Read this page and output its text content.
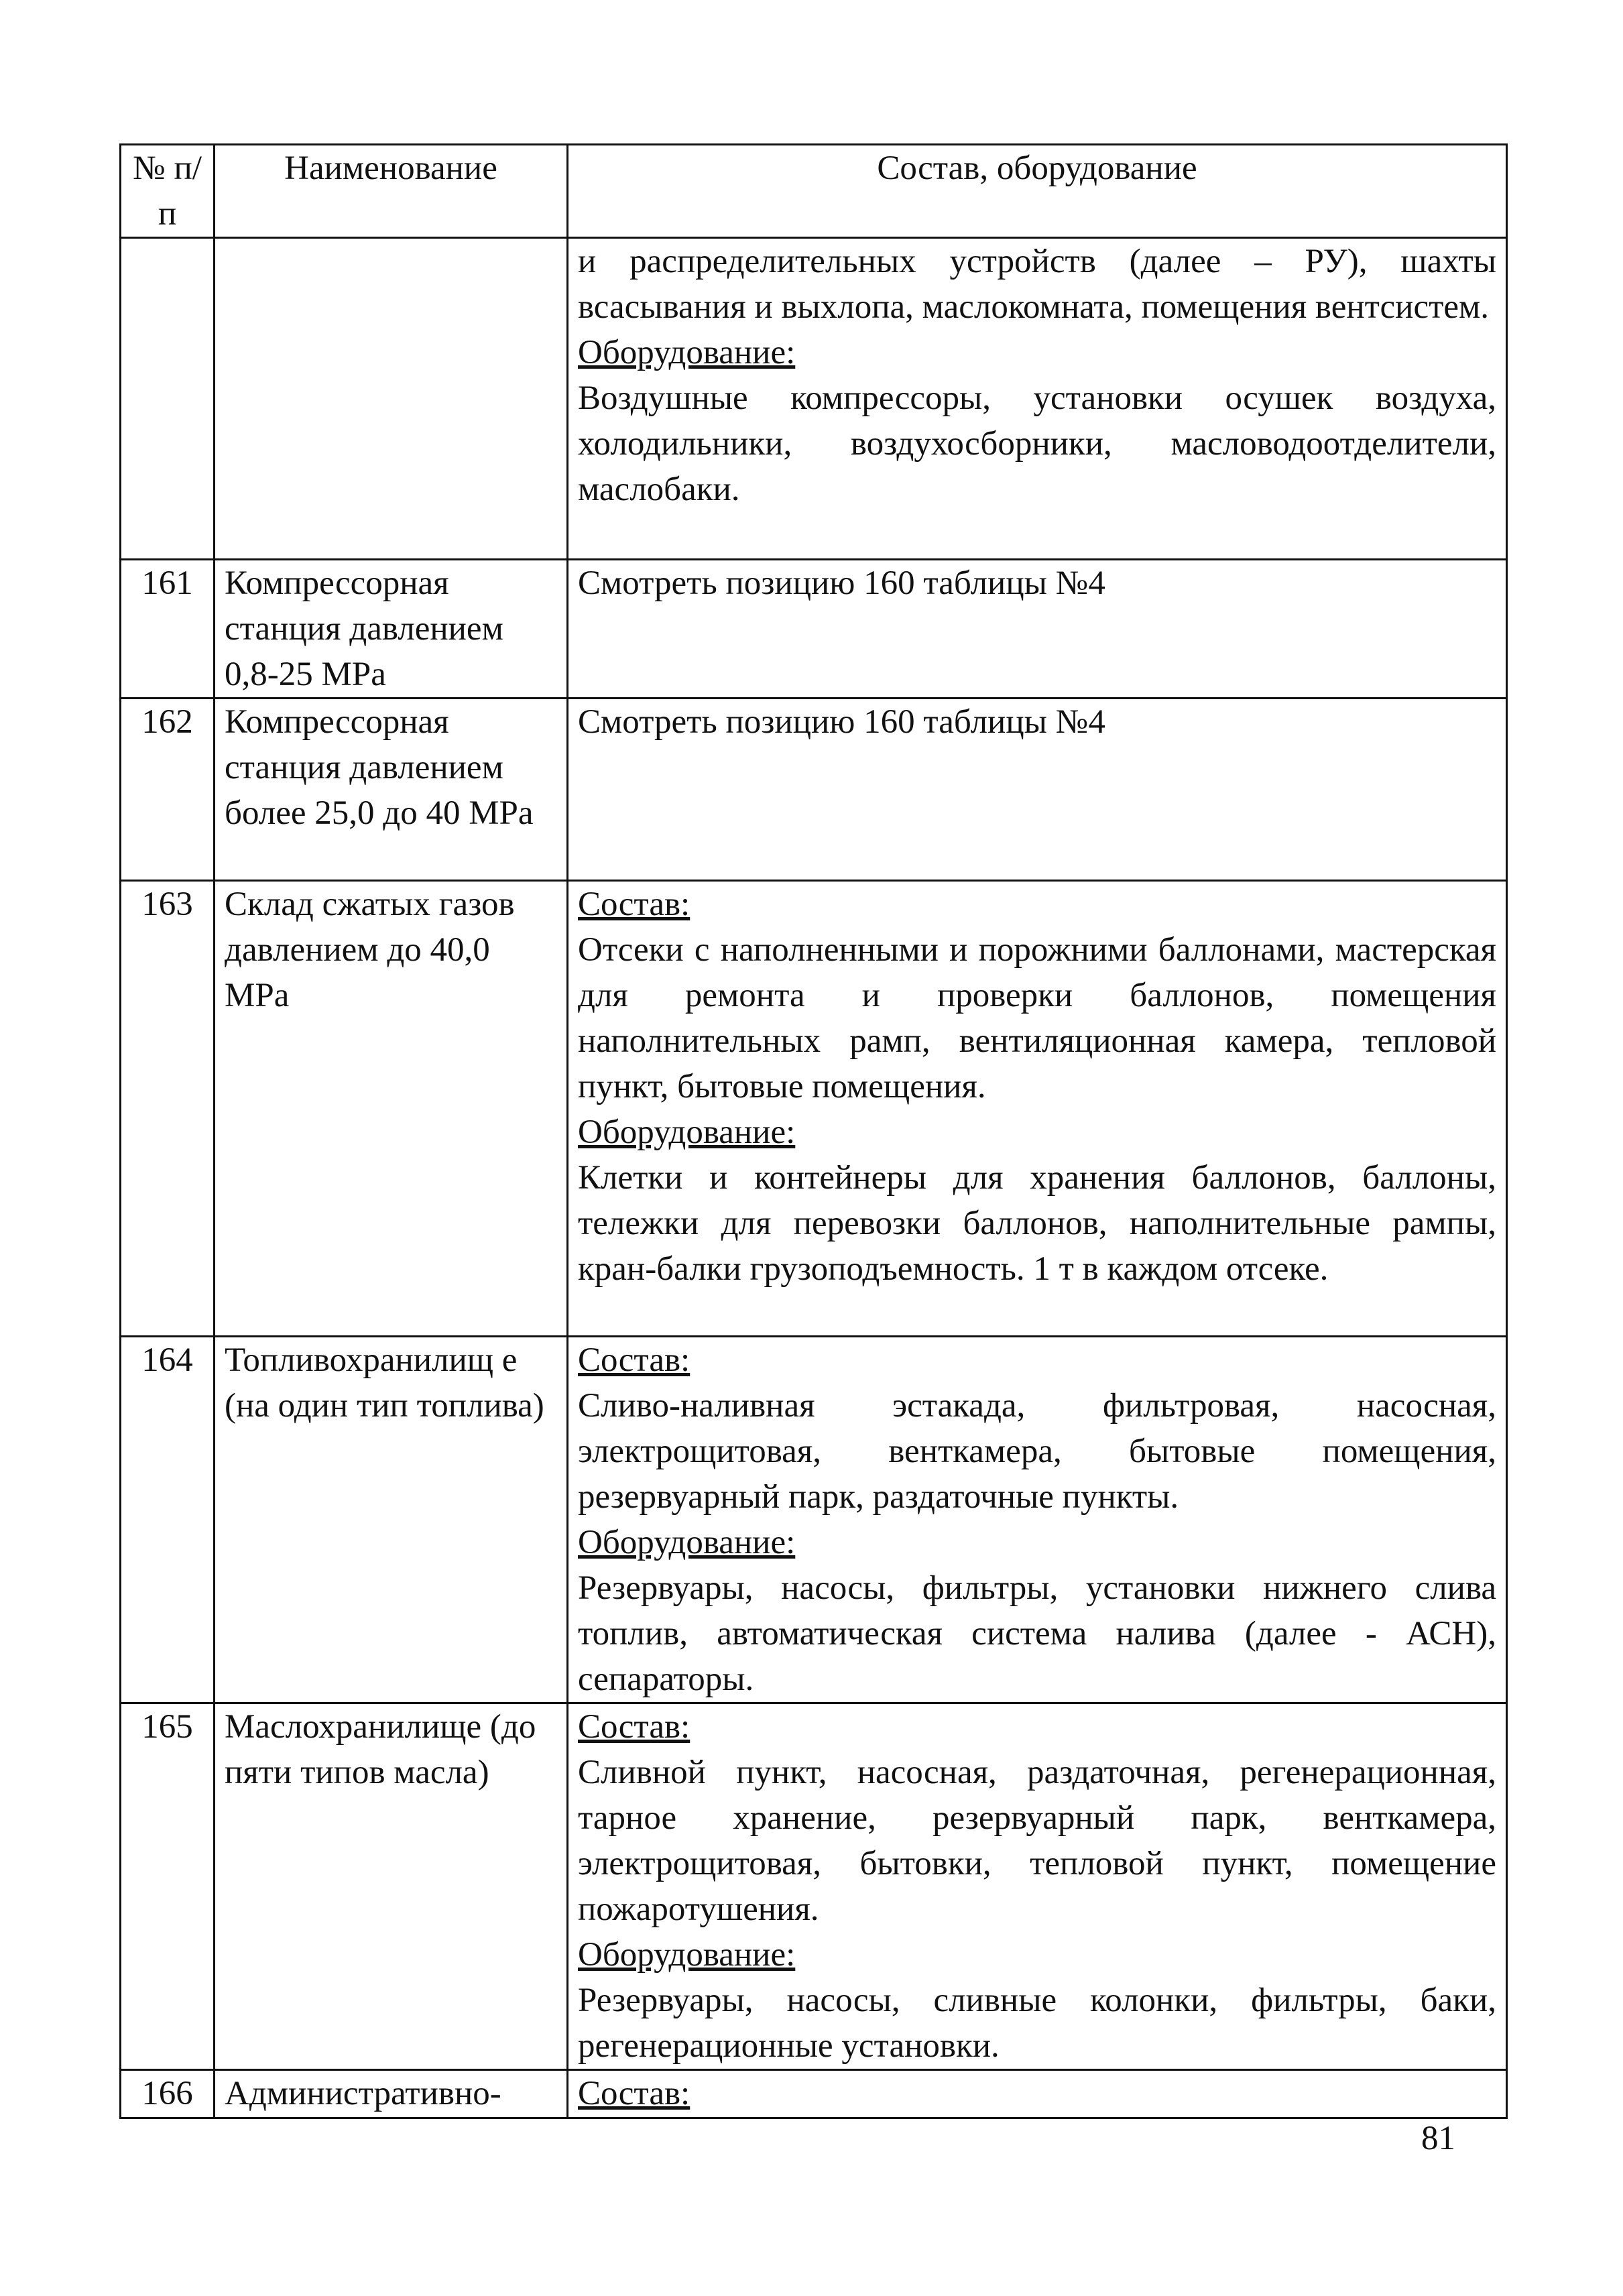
№ п/п	Наименование	Состав, оборудование

		и распределительных устройств (далее – РУ), шахты всасывания и выхлопа, маслокомната, помещения вентсистем.
Оборудование:
Воздушные компрессоры, установки осушек воздуха, холодильники, воздухосборники, масловодоотделители, маслобаки.

161	Компрессорная станция давлением 0,8-25 MPa	Смотреть позицию 160 таблицы №4
162	Компрессорная станция давлением более 25,0 до 40 MPa	Смотреть позицию 160 таблицы №4
163	Склад сжатых газов давлением до 40,0 MPa	Состав:
Отсеки с наполненными и порожними баллонами, мастерская для ремонта и проверки баллонов, помещения наполнительных рамп, вентиляционная камера, тепловой пункт, бытовые помещения.
Оборудование:
Клетки и контейнеры для хранения баллонов, баллоны, тележки для перевозки баллонов, наполнительные рампы, кран-балки грузоподъемность. 1 т в каждом отсеке.

164	Топливохранилищ е (на один тип топлива)	Состав:
Сливо-наливная эстакада, фильтровая, насосная, электрощитовая, венткамера, бытовые помещения, резервуарный парк, раздаточные пункты.
Оборудование:
Резервуары, насосы, фильтры, установки нижнего слива топлив, автоматическая система налива (далее - АСН), сепараторы.

165	Маслохранилище (до пяти типов масла)	Состав:
Сливной пункт, насосная, раздаточная, регенерационная, тарное хранение, резервуарный парк, венткамера, электрощитовая, бытовки, тепловой пункт, помещение пожаротушения.
Оборудование:
Резервуары, насосы, сливные колонки, фильтры, баки, регенерационные установки.

166	Административно-	Состав:
81
